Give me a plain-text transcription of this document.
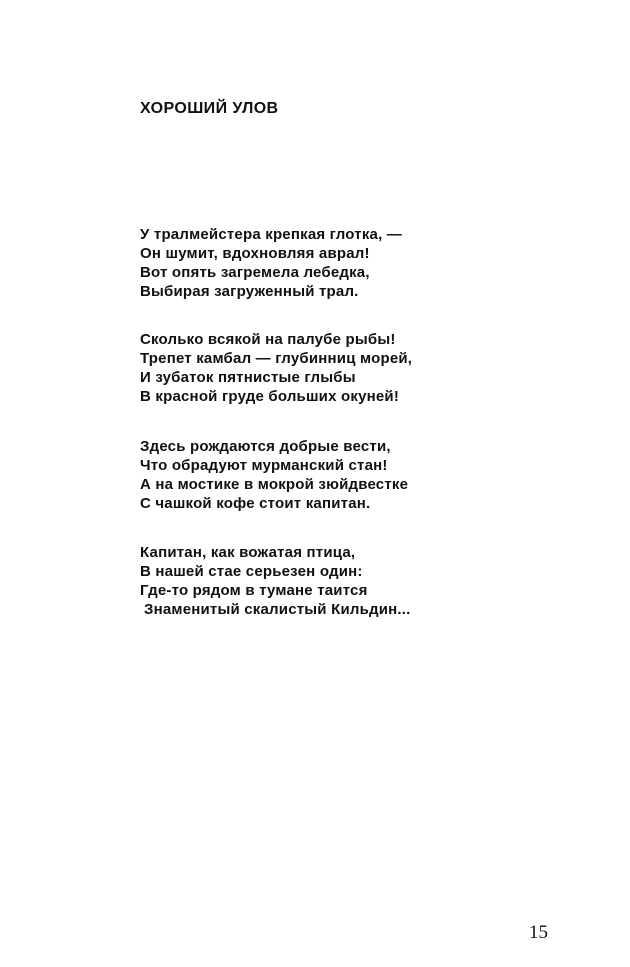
ХОРОШИЙ УЛОВ

У тралмейстера крепкая глотка, —
Он шумит, вдохновляя аврал!
Вот опять загремела лебедка,
Выбирая загруженный трал.

Сколько всякой на палубе рыбы!
Трепет камбал — глубинниц морей,
И зубаток пятнистые глыбы
В красной груде больших окуней!

Здесь рождаются добрые вести,
Что обрадуют мурманский стан!
А на мостике в мокрой зюйдвестке
С чашкой кофе стоит капитан.

Капитан, как вожатая птица,
В нашей стае серьезен один:
Где-то рядом в тумане таится
Знаменитый скалистый Кильдин...

15
